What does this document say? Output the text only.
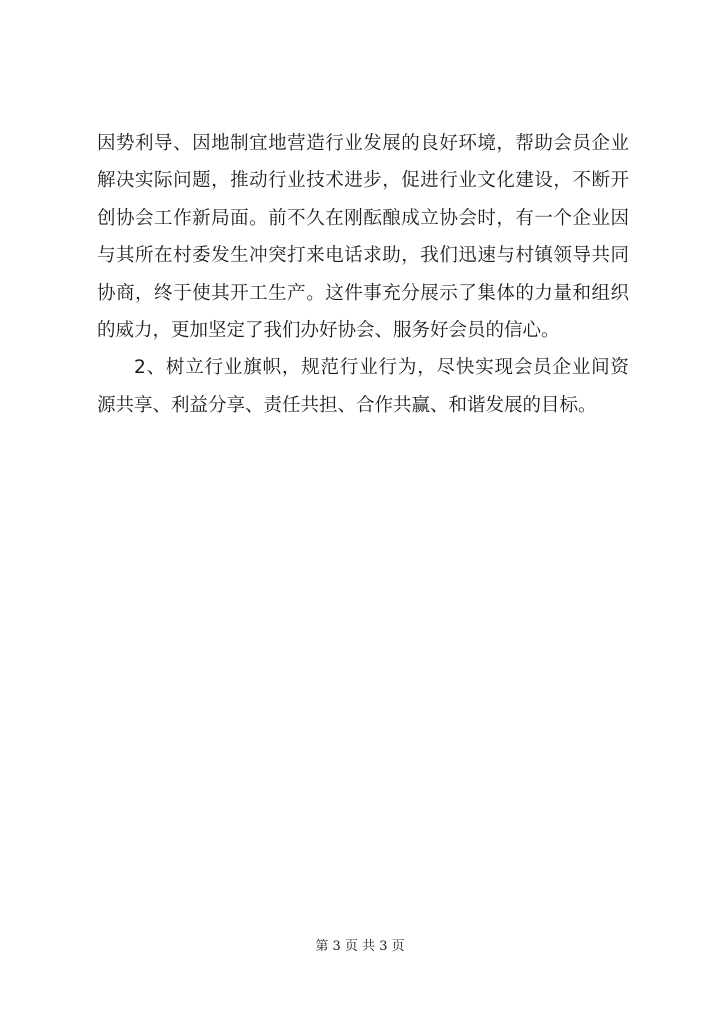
因势利导、因地制宜地营造行业发展的良好环境，帮助会员企业

解决实际问题，推动行业技术进步，促进行业文化建设，不断开

创协会工作新局面。前不久在刚酝酿成立协会时，有一个企业因

与其所在村委发生冲突打来电话求助，我们迅速与村镇领导共同

协商，终于使其开工生产。这件事充分展示了集体的力量和组织

的威力，更加坚定了我们办好协会、服务好会员的信心。

2、树立行业旗帜，规范行业行为，尽快实现会员企业间资

源共享、利益分享、责任共担、合作共赢、和谐发展的目标。

第 3 页 共 3 页
